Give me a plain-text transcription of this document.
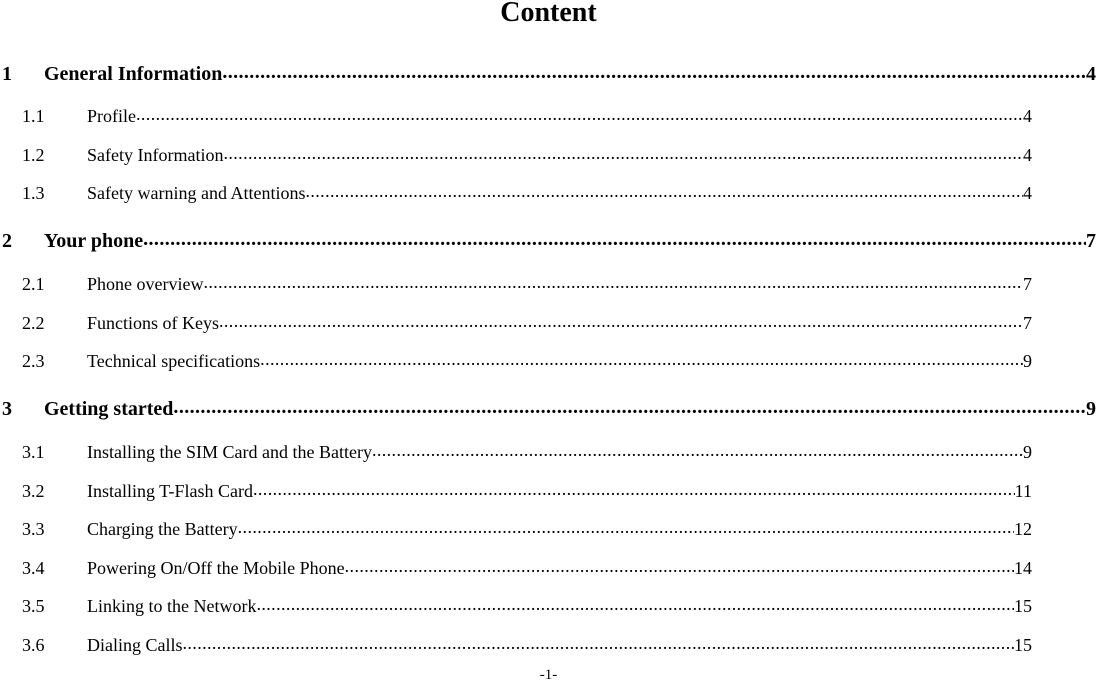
Content
1	General Information .....	4
1.1	Profile .....	4
1.2	Safety Information .....	4
1.3	Safety warning and Attentions .....	4
2	Your phone .....	7
2.1	Phone overview .....	7
2.2	Functions of Keys .....	7
2.3	Technical specifications .....	9
3	Getting started .....	9
3.1	Installing the SIM Card and the Battery .....	9
3.2	Installing T-Flash Card .....	11
3.3	Charging the Battery .....	12
3.4	Powering On/Off the Mobile Phone .....	14
3.5	Linking to the Network .....	15
3.6	Dialing Calls .....	15
-1-
